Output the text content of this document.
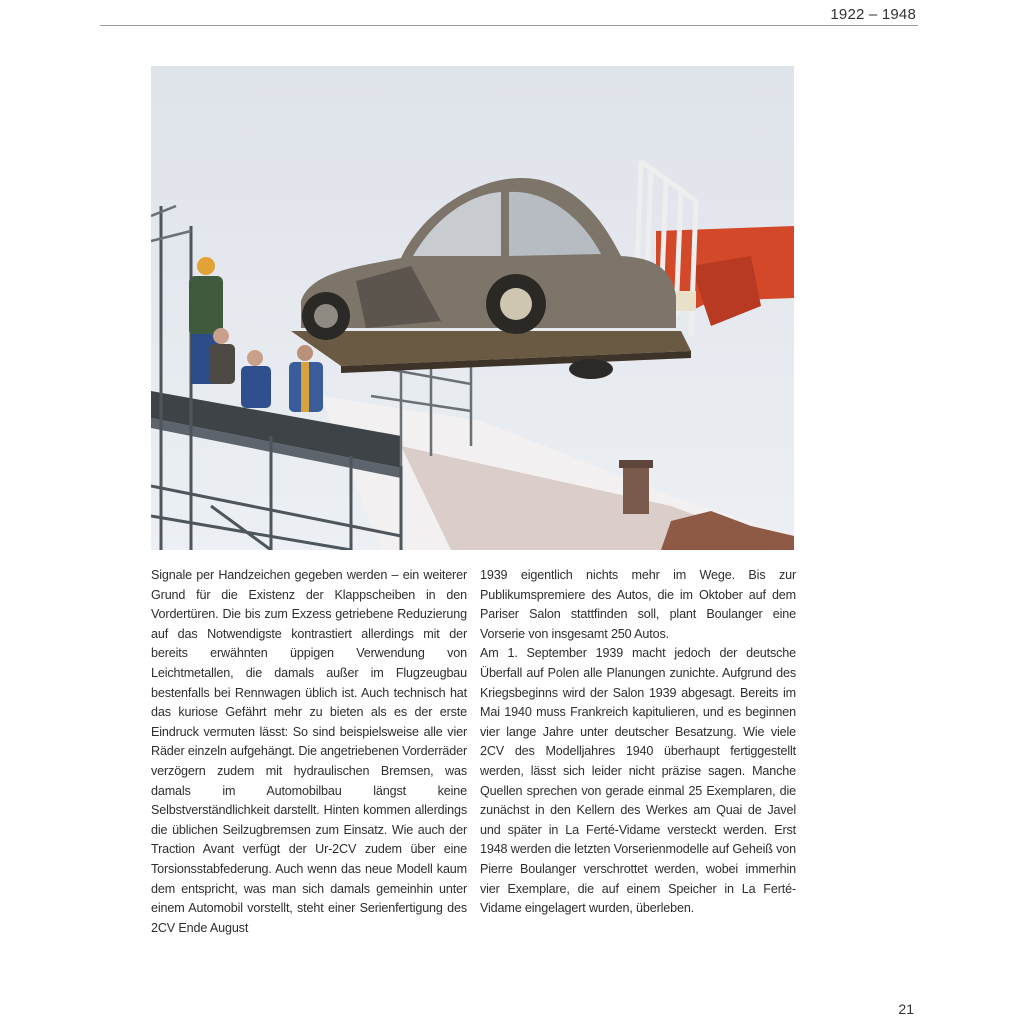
1922 – 1948

Signale per Handzeichen gegeben werden – ein weiterer Grund für die Existenz der Klappscheiben in den Vordertüren. Die bis zum Exzess getriebene Reduzierung auf das Notwendigste kontrastiert allerdings mit der bereits erwähnten üppigen Verwendung von Leichtmetallen, die damals außer im Flugzeugbau bestenfalls bei Rennwagen üblich ist. Auch technisch hat das kuriose Gefährt mehr zu bieten als es der erste Eindruck vermuten lässt: So sind beispielsweise alle vier Räder einzeln aufgehängt. Die angetriebenen Vorderräder verzögern zudem mit hydraulischen Bremsen, was damals im Automobilbau längst keine Selbstverständlichkeit darstellt. Hinten kommen allerdings die üblichen Seilzugbremsen zum Einsatz. Wie auch der Traction Avant verfügt der Ur-2CV zudem über eine Torsionsstabfederung. Auch wenn das neue Modell kaum dem entspricht, was man sich damals gemeinhin unter einem Automobil vorstellt, steht einer Serienfertigung des 2CV Ende August

1939 eigentlich nichts mehr im Wege. Bis zur Publikumspremiere des Autos, die im Oktober auf dem Pariser Salon stattfinden soll, plant Boulanger eine Vorserie von insgesamt 250 Autos.

Am 1. September 1939 macht jedoch der deutsche Überfall auf Polen alle Planungen zunichte. Aufgrund des Kriegsbeginns wird der Salon 1939 abgesagt. Bereits im Mai 1940 muss Frankreich kapitulieren, und es beginnen vier lange Jahre unter deutscher Besatzung. Wie viele 2CV des Modelljahres 1940 überhaupt fertiggestellt werden, lässt sich leider nicht präzise sagen. Manche Quellen sprechen von gerade einmal 25 Exemplaren, die zunächst in den Kellern des Werkes am Quai de Javel und später in La Ferté-Vidame versteckt werden. Erst 1948 werden die letzten Vorserienmodelle auf Geheiß von Pierre Boulanger verschrottet werden, wobei immerhin vier Exemplare, die auf einem Speicher in La Ferté-Vidame eingelagert wurden, überleben.

21
